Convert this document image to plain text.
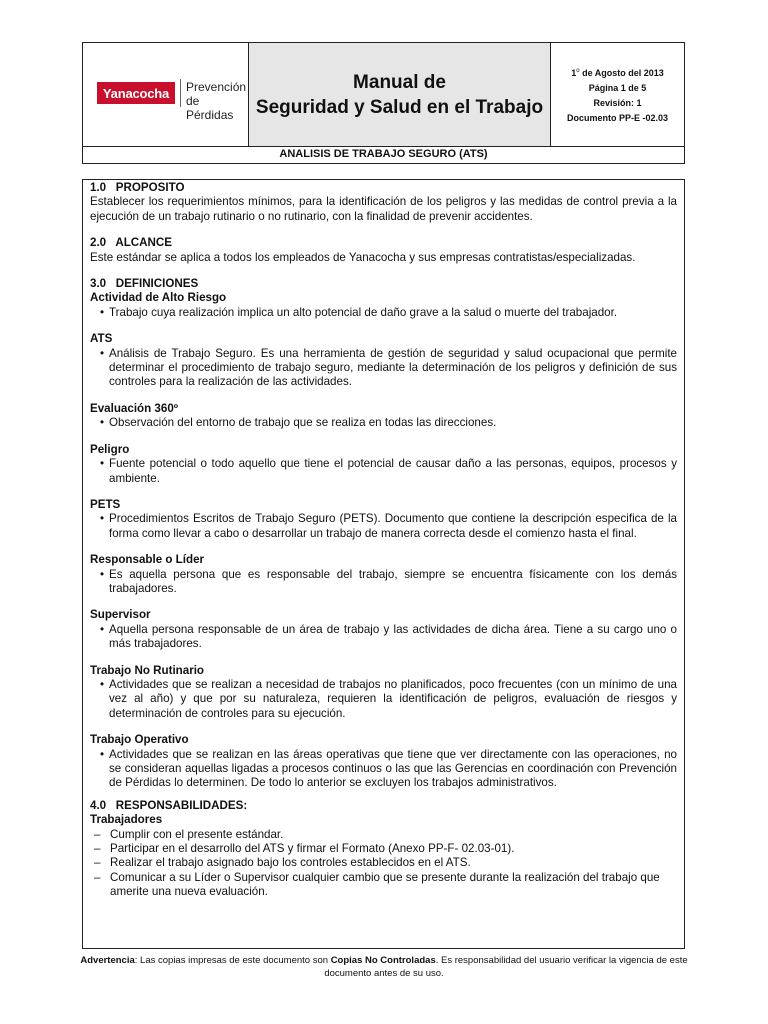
Yanacocha	Prevención
de Pérdidas
Manual de
Seguridad y Salud en el Trabajo
1$^o$ de Agosto del 2013
Página 1 de 5
Revisión: 1
Documento PP-E -02.03
ANALISIS DE TRABAJO SEGURO (ATS)
1.0   PROPOSITO
Establecer los requerimientos mínimos, para la identificación de los peligros y las medidas de control previa a la ejecución de un trabajo rutinario o no rutinario, con la finalidad de prevenir accidentes.
2.0   ALCANCE
Este estándar se aplica a todos los empleados de Yanacocha y sus empresas contratistas/especializadas.
3.0   DEFINICIONES
Actividad de Alto Riesgo
• Trabajo cuya realización implica un alto potencial de daño grave a la salud o muerte del trabajador.
ATS
• Análisis de Trabajo Seguro. Es una herramienta de gestión de seguridad y salud ocupacional que permite determinar el procedimiento de trabajo seguro, mediante la determinación de los peligros y definición de sus controles para la realización de las actividades.
Evaluación 360º
• Observación del entorno de trabajo que se realiza en todas las direcciones.
Peligro
• Fuente potencial o todo aquello que tiene el potencial de causar daño a las personas, equipos, procesos y ambiente.
PETS
• Procedimientos Escritos de Trabajo Seguro (PETS). Documento que contiene la descripción especifica de la forma como llevar a cabo o desarrollar un trabajo de manera correcta desde el comienzo hasta el final.
Responsable o Líder
• Es aquella persona que es responsable del trabajo, siempre se encuentra físicamente con los demás trabajadores.
Supervisor
• Aquella persona responsable de un área de trabajo y las actividades de dicha área. Tiene a su cargo uno o más trabajadores.
Trabajo No Rutinario
• Actividades que se realizan a necesidad de trabajos no planificados, poco frecuentes (con un mínimo de una vez al año) y que por su naturaleza, requieren la identificación de peligros, evaluación de riesgos y determinación de controles para su ejecución.
Trabajo Operativo
• Actividades que se realizan en las áreas operativas que tiene que ver directamente con las operaciones, no se consideran aquellas ligadas a procesos continuos o las que las Gerencias en coordinación con Prevención de Pérdidas lo determinen. De todo lo anterior se excluyen los trabajos administrativos.
4.0   RESPONSABILIDADES:
Trabajadores
– Cumplir con el presente estándar.
– Participar en el desarrollo del ATS y firmar el Formato (Anexo PP-F- 02.03-01).
– Realizar el trabajo asignado bajo los controles establecidos en el ATS.
– Comunicar a su Líder o Supervisor cualquier cambio que se presente durante la realización del trabajo que amerite una nueva evaluación.
Advertencia: Las copias impresas de este documento son Copias No Controladas. Es responsabilidad del usuario verificar la vigencia de este documento antes de su uso.
